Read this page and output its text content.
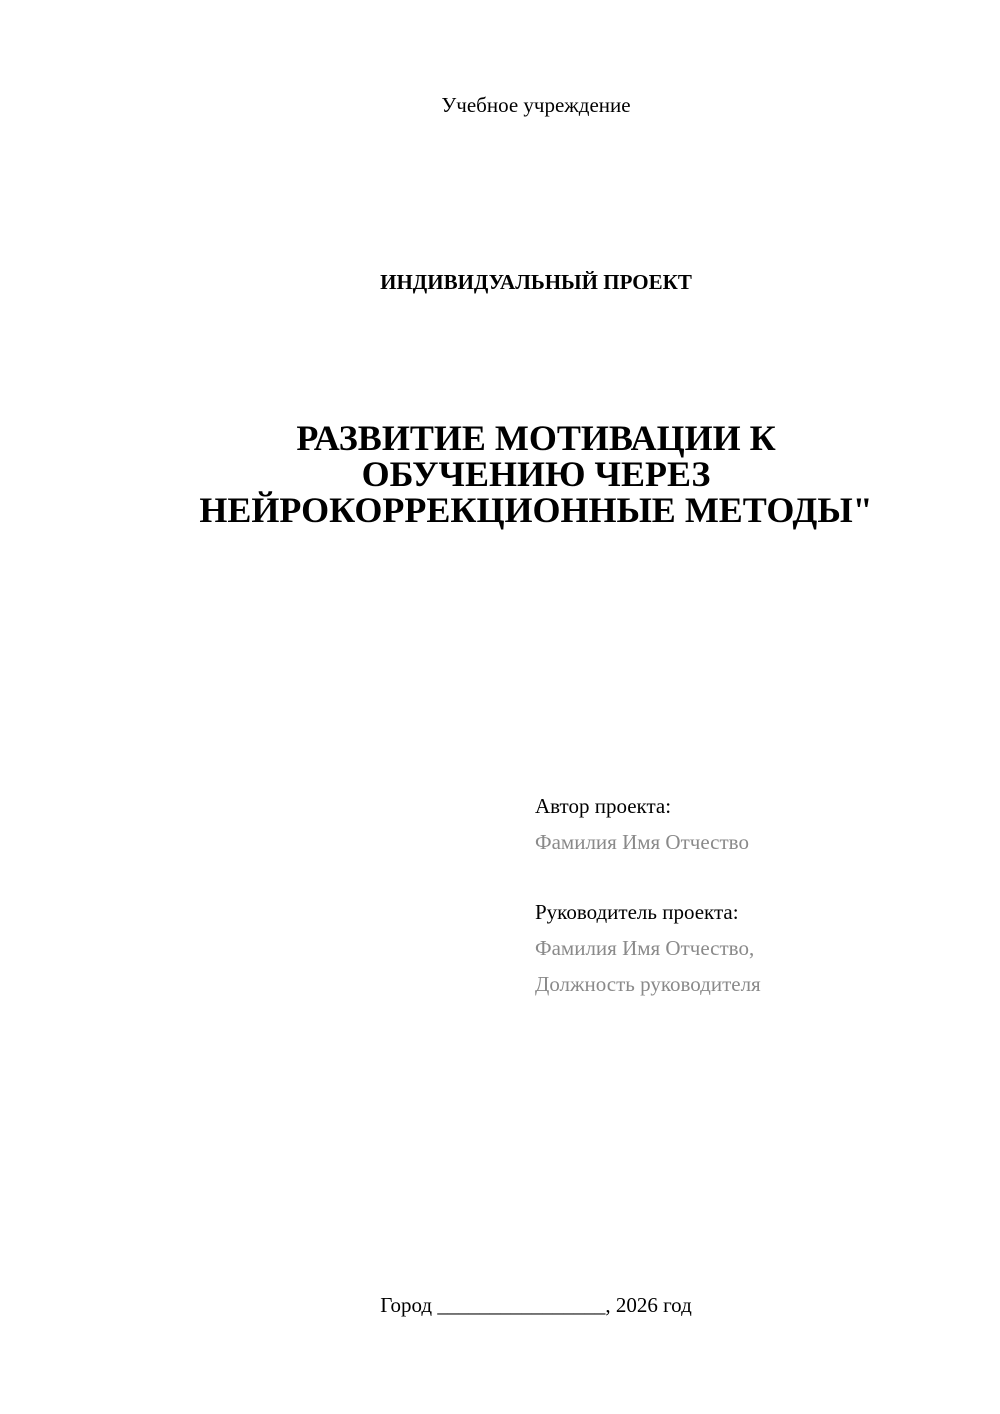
Учебное учреждение
ИНДИВИДУАЛЬНЫЙ ПРОЕКТ
РАЗВИТИЕ МОТИВАЦИИ К
ОБУЧЕНИЮ ЧЕРЕЗ
НЕЙРОКОРРЕКЦИОННЫЕ МЕТОДЫ"
Автор проекта:
Фамилия Имя Отчество
Руководитель проекта:
Фамилия Имя Отчество,
Должность руководителя
Город ________________, 2026 год
